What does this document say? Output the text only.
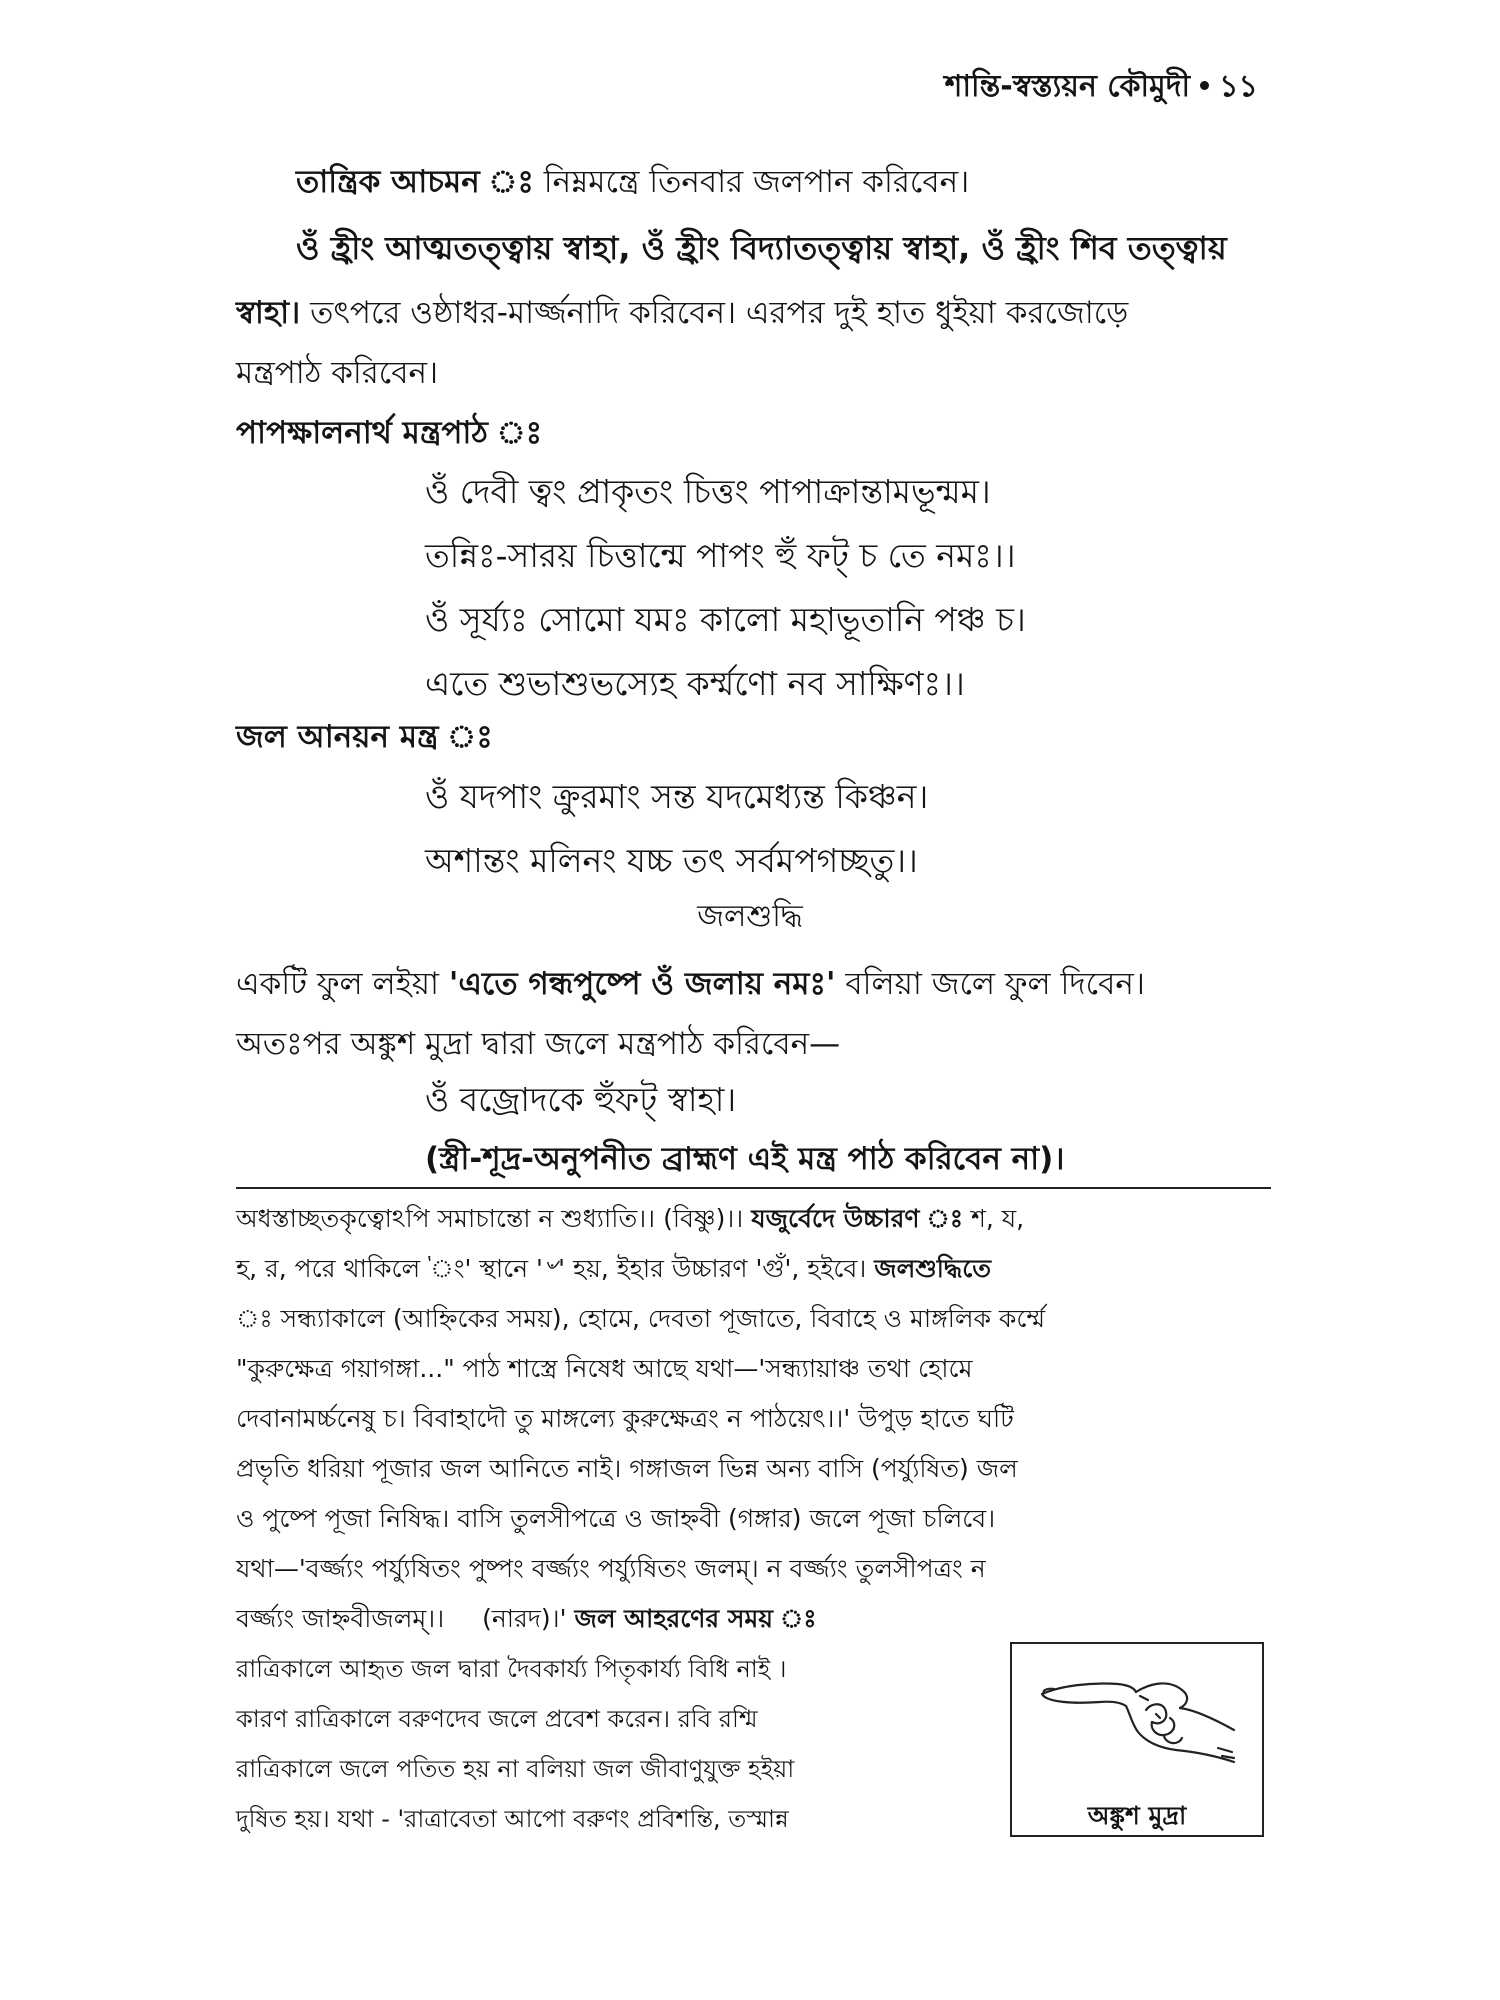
শান্তি-স্বস্ত্যয়ন কৌমুদী ১১
তান্ত্রিক আচমন ঃ নিম্নমন্ত্রে তিনবার জলপান করিবেন।
ওঁ হ্রীং আত্মতত্ত্বায় স্বাহা, ওঁ হ্রীং বিদ্যাতত্ত্বায় স্বাহা, ওঁ হ্রীং শিব তত্ত্বায়
স্বাহা। তৎপরে ওষ্ঠাধর-মার্জ্জনাদি করিবেন। এরপর দুই হাত ধুইয়া করজোড়ে
মন্ত্রপাঠ করিবেন।
পাপক্ষালনার্থ মন্ত্রপাঠ ঃ
ওঁ দেবী ত্বং প্রাকৃতং চিত্তং পাপাক্রান্তামভূন্মম।
তন্নিঃ-সারয় চিত্তান্মে পাপং হুঁ ফট্ চ তে নমঃ।।
ওঁ সূর্য্যঃ সোমো যমঃ কালো মহাভূতানি পঞ্চ চ।
এতে শুভাশুভস্যেহ কর্ম্মণো নব সাক্ষিণঃ।।
জল আনয়ন মন্ত্র ঃ
ওঁ যদপাং ক্রুরমাং সন্ত যদমেধ্যন্ত কিঞ্চন।
অশান্তং মলিনং যচ্চ তৎ সর্বমপগচ্ছতু।।
জলশুদ্ধি
একটি ফুল লইয়া 'এতে গন্ধপুষ্পে ওঁ জলায় নমঃ' বলিয়া জলে ফুল দিবেন।
অতঃপর অঙ্কুশ মুদ্রা দ্বারা জলে মন্ত্রপাঠ করিবেন—
ওঁ বজ্রোদকে হুঁফট্ স্বাহা।
(স্ত্রী-শূদ্র-অনুপনীত ব্রাহ্মণ এই মন্ত্র পাঠ করিবেন না)।
অধস্তাচ্ছতকৃত্বোঽপি সমাচান্তো ন শুধ্যাতি।। (বিষ্ণু)।। যজুর্বেদে উচ্চারণ ঃ শ, য,
হ, র, পরে থাকিলে 'ং' স্থানে '৺' হয়, ইহার উচ্চারণ 'গুঁ', হইবে। জলশুদ্ধিতে
ঃ সন্ধ্যাকালে (আহ্নিকের সময়), হোমে, দেবতা পূজাতে, বিবাহে ও মাঙ্গলিক কর্ম্মে
"কুরুক্ষেত্র গয়াগঙ্গা..." পাঠ শাস্ত্রে নিষেধ আছে যথা—'সন্ধ্যায়াঞ্চ তথা হোমে
দেবানামর্চ্চনেষু চ। বিবাহাদৌ তু মাঙ্গল্যে কুরুক্ষেত্রং ন পাঠয়েৎ।।' উপুড় হাতে ঘটি
প্রভৃতি ধরিয়া পূজার জল আনিতে নাই। গঙ্গাজল ভিন্ন অন্য বাসি (পর্য্যুষিত) জল
ও পুষ্পে পূজা নিষিদ্ধ। বাসি তুলসীপত্রে ও জাহ্নবী (গঙ্গার) জলে পূজা চলিবে।
যথা—'বর্জ্জ্যং পর্য্যুষিতং পুষ্পং বর্জ্জ্যং পর্য্যুষিতং জলম্। ন বর্জ্জ্যং তুলসীপত্রং ন
বর্জ্জ্যং জাহ্নবীজলম্।। (নারদ)।' জল আহরণের সময় ঃ
রাত্রিকালে আহৃত জল দ্বারা দৈবকার্য্য পিতৃকার্য্য বিধি নাই ।
কারণ রাত্রিকালে বরুণদেব জলে প্রবেশ করেন। রবি রশ্মি
রাত্রিকালে জলে পতিত হয় না বলিয়া জল জীবাণুযুক্ত হইয়া
দুষিত হয়। যথা - 'রাত্রাবেতা আপো বরুণং প্রবিশন্তি, তস্মান্ন	অঙ্কুশ মুদ্রা
